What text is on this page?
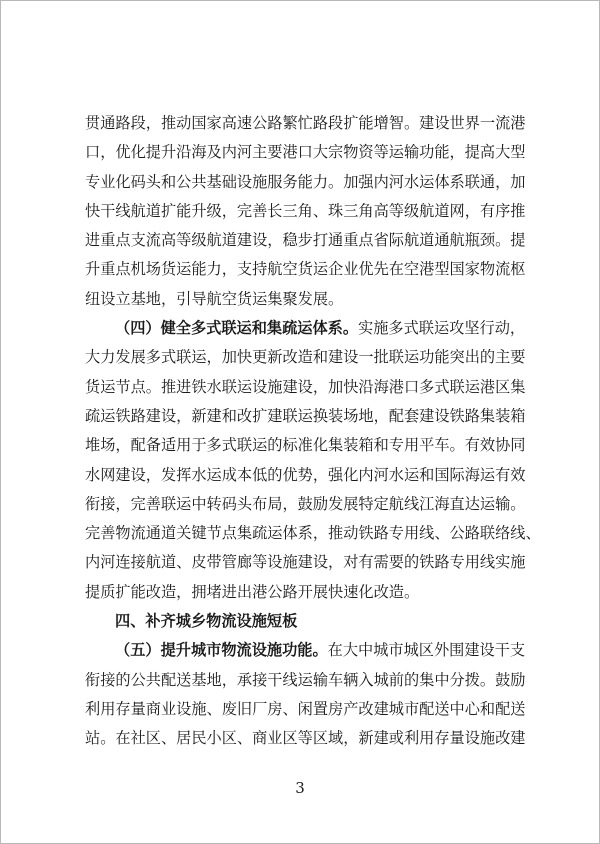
贯通路段，推动国家高速公路繁忙路段扩能增智。建设世界一流港
口，优化提升沿海及内河主要港口大宗物资等运输功能，提高大型
专业化码头和公共基础设施服务能力。加强内河水运体系联通，加
快干线航道扩能升级，完善长三角、珠三角高等级航道网，有序推
进重点支流高等级航道建设，稳步打通重点省际航道通航瓶颈。提
升重点机场货运能力，支持航空货运企业优先在空港型国家物流枢
纽设立基地，引导航空货运集聚发展。
（四）健全多式联运和集疏运体系。 实施多式联运攻坚行动，
大力发展多式联运，加快更新改造和建设一批联运功能突出的主要
货运节点。推进铁水联运设施建设，加快沿海港口多式联运港区集
疏运铁路建设，新建和改扩建联运换装场地，配套建设铁路集装箱
堆场，配备适用于多式联运的标准化集装箱和专用平车。有效协同
水网建设，发挥水运成本低的优势，强化内河水运和国际海运有效
衔接，完善联运中转码头布局，鼓励发展特定航线江海直达运输。
完善物流通道关键节点集疏运体系，推动铁路专用线、公路联络线、
内河连接航道、皮带管廊等设施建设，对有需要的铁路专用线实施
提质扩能改造，拥堵进出港公路开展快速化改造。
四、补齐城乡物流设施短板
（五）提升城市物流设施功能。 在大中城市城区外围建设干支
衔接的公共配送基地，承接干线运输车辆入城前的集中分拨。鼓励
利用存量商业设施、废旧厂房、闲置房产改建城市配送中心和配送
站。在社区、居民小区、商业区等区域，新建或利用存量设施改建
3
